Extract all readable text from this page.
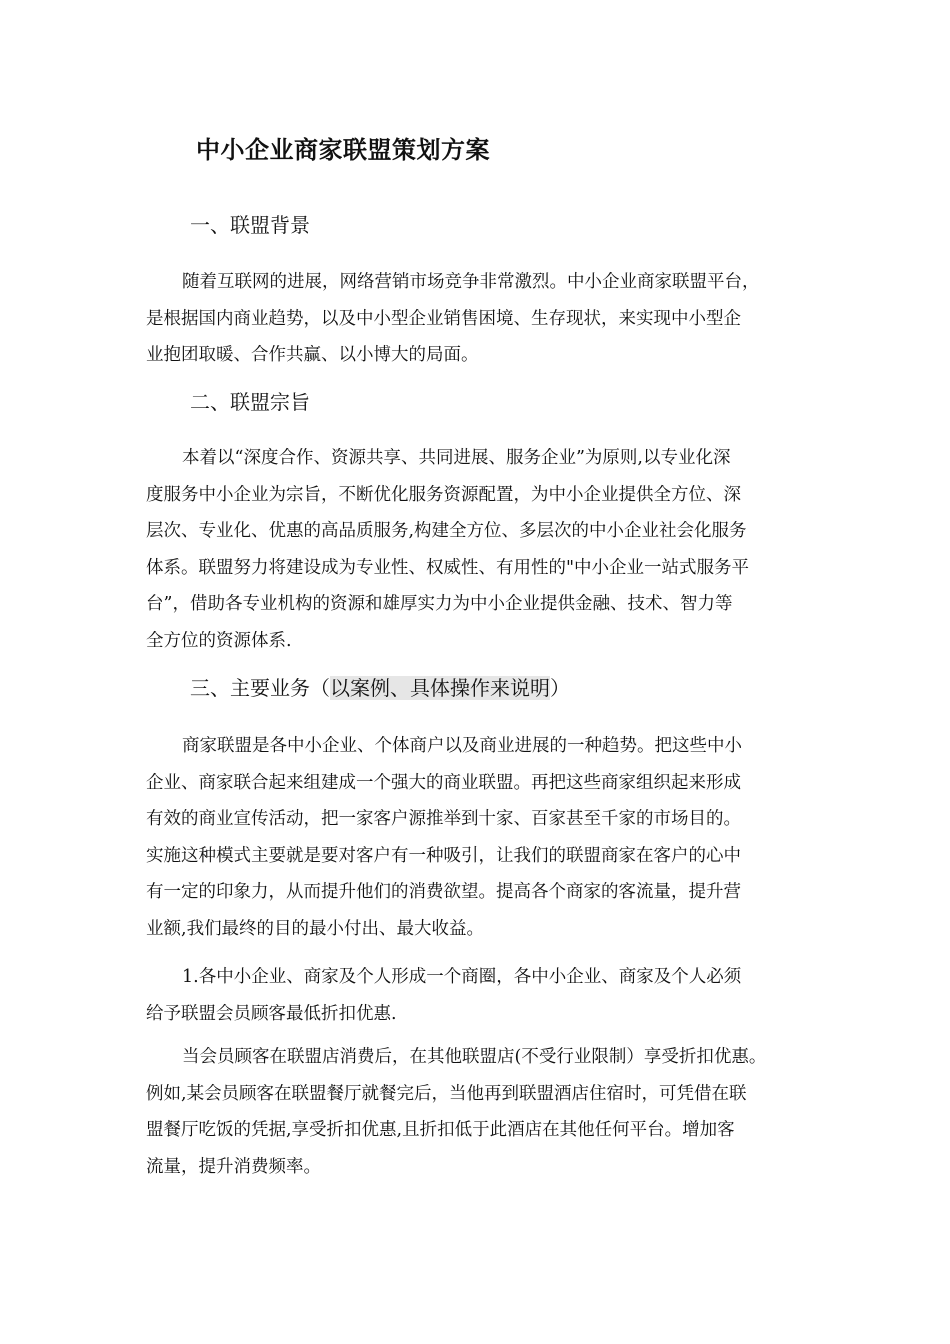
中小企业商家联盟策划方案
一、联盟背景
随着互联网的进展，网络营销市场竞争非常激烈。中小企业商家联盟平台，
是根据国内商业趋势，以及中小型企业销售困境、生存现状，来实现中小型企
业抱团取暖、合作共赢、以小博大的局面。
二、联盟宗旨
本着以“深度合作、资源共享、共同进展、服务企业”为原则,以专业化深
度服务中小企业为宗旨，不断优化服务资源配置，为中小企业提供全方位、深
层次、专业化、优惠的高品质服务,构建全方位、多层次的中小企业社会化服务
体系。联盟努力将建设成为专业性、权威性、有用性的"中小企业一站式服务平
台”，借助各专业机构的资源和雄厚实力为中小企业提供金融、技术、智力等
全方位的资源体系.
三、主要业务（以案例、具体操作来说明）
商家联盟是各中小企业、个体商户以及商业进展的一种趋势。把这些中小
企业、商家联合起来组建成一个强大的商业联盟。再把这些商家组织起来形成
有效的商业宣传活动，把一家客户源推举到十家、百家甚至千家的市场目的。
实施这种模式主要就是要对客户有一种吸引，让我们的联盟商家在客户的心中
有一定的印象力，从而提升他们的消费欲望。提高各个商家的客流量，提升营
业额,我们最终的目的最小付出、最大收益。
1.各中小企业、商家及个人形成一个商圈，各中小企业、商家及个人必须
给予联盟会员顾客最低折扣优惠.
当会员顾客在联盟店消费后，在其他联盟店(不受行业限制）享受折扣优惠。
例如,某会员顾客在联盟餐厅就餐完后，当他再到联盟酒店住宿时，可凭借在联
盟餐厅吃饭的凭据,享受折扣优惠,且折扣低于此酒店在其他任何平台。增加客
流量，提升消费频率。
